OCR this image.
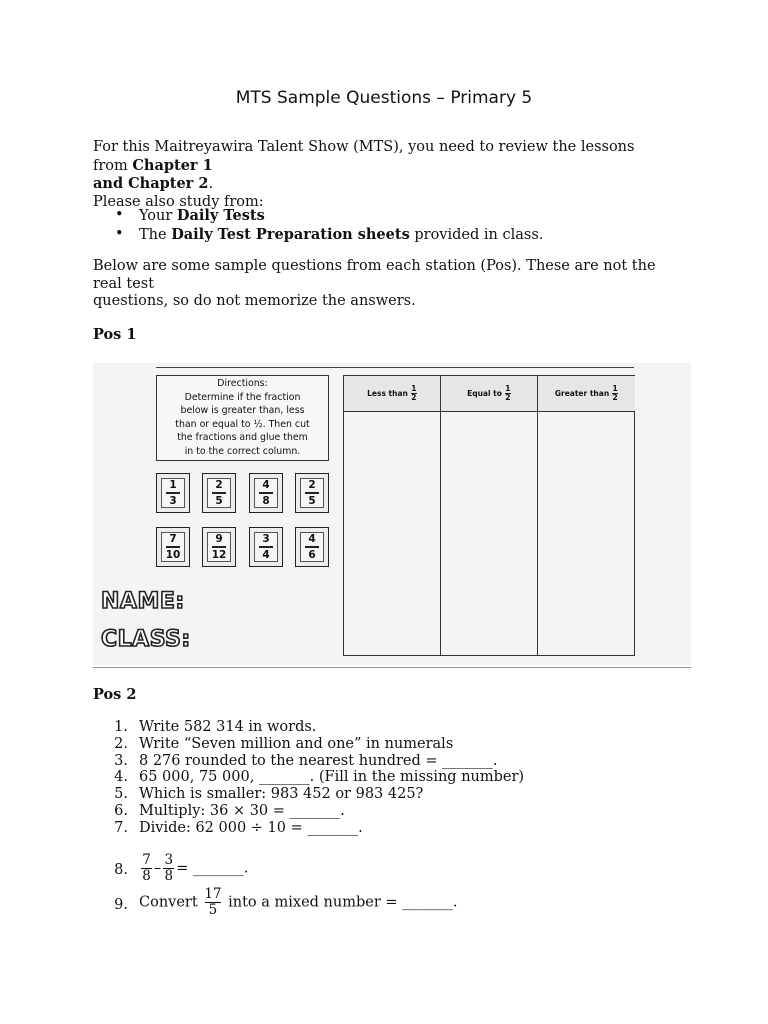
MTS Sample Questions – Primary 5
For this Maitreyawira Talent Show (MTS), you need to review the lessons from Chapter 1
and Chapter 2.
Please also study from:
• Your Daily Tests
• The Daily Test Preparation sheets provided in class.
Below are some sample questions from each station (Pos). These are not the real test
questions, so do not memorize the answers.
Pos 1
Directions:
Determine if the fraction
below is greater than, less
than or equal to ½. Then cut
the fractions and glue them
in to the correct column.
1
3
2
5
4
8
2
5
7
10
9
12
3
4
4
6
NAME:
CLASS:
Less than $\frac{1}{2}$	Equal to $\frac{1}{2}$	Greater than $\frac{1}{2}$
Pos 2
1. Write 582 314 in words.
2. Write “Seven million and one” in numerals
3. 8 276 rounded to the nearest hundred = _______.
4. 65 000, 75 000, _______. (Fill in the missing number)
5. Which is smaller: 983 452 or 983 425?
6. Multiply: 36 × 30 = _______.
7. Divide: 62 000 ÷ 10 = _______.
8. $\frac{7}{8} - \frac{3}{8}$ = _______.
9. Convert $\frac{17}{5}$ into a mixed number = _______.
